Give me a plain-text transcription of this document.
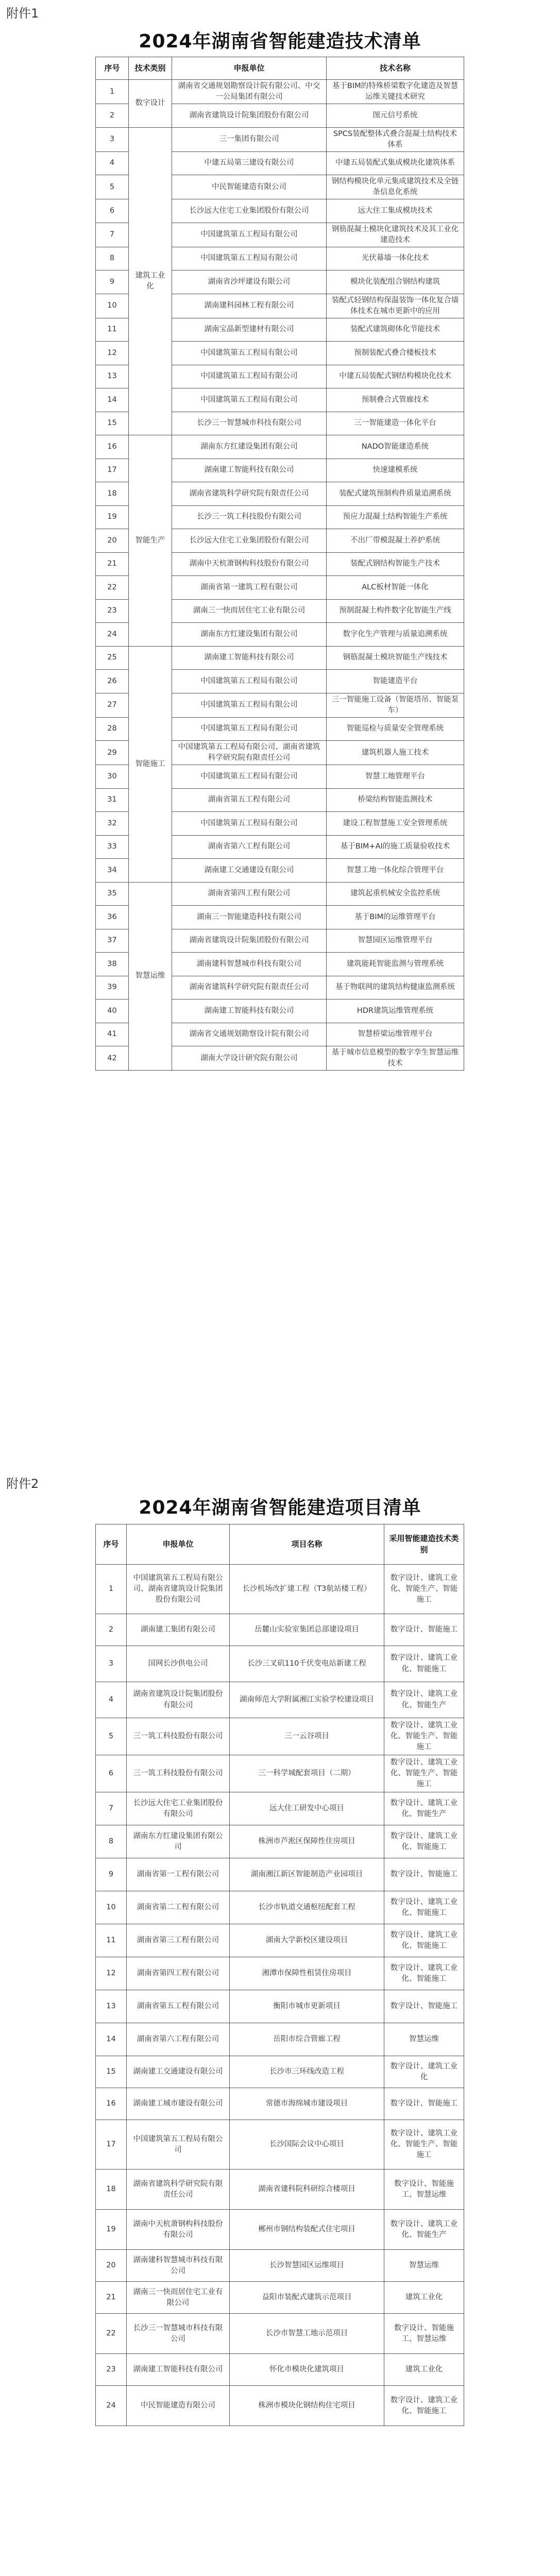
附件1
2024年湖南省智能建造技术清单
序号	技术类别	申报单位	技术名称
1	数字设计	湖南省交通规划勘察设计院有限公司、中交一公局集团有限公司	基于BIM的特殊桥梁数字化建造及智慧运维关键技术研究
2		湖南省建筑设计院集团股份有限公司	图元信号系统
3	建筑工业化	三一集团有限公司	SPCS装配整体式叠合混凝土结构技术体系
4		中建五局第三建设有限公司	中建五局装配式集成模块化建筑体系
5		中民智能建造有限公司	钢结构模块化单元集成建筑技术及全链条信息化系统
6		长沙远大住宅工业集团股份有限公司	远大住工集成模块技术
7		中国建筑第五工程局有限公司	钢筋混凝土模块化建筑技术及其工业化建造技术
8		中国建筑第五工程局有限公司	光伏幕墙一体化技术
9		湖南省沙坪建设有限公司	模块化装配组合钢结构建筑
10		湖南建科园林工程有限公司	装配式轻钢结构保温装饰一体化复合墙体技术在城市更新中的应用
11		湖南宝晶新型建材有限公司	装配式建筑砌体化节能技术
12		中国建筑第五工程局有限公司	预制装配式叠合楼板技术
13		中国建筑第五工程局有限公司	中建五局装配式钢结构模块化技术
14		中国建筑第五工程局有限公司	预制叠合式管廊技术
15		长沙三一智慧城市科技有限公司	三一智能建造一体化平台
16	智能生产	湖南东方红建设集团有限公司	NADO智能建造系统
17		湖南建工智能科技有限公司	快速建模系统
18		湖南省建筑科学研究院有限责任公司	装配式建筑预制构件质量追溯系统
19		长沙三一筑工科技股份有限公司	预应力混凝土结构智能生产系统
20		长沙远大住宅工业集团股份有限公司	不出厂带模混凝土养护系统
21		湖南中天杭萧钢构科技股份有限公司	装配式钢结构智能生产技术
22		湖南省第一建筑工程有限公司	ALC板材智能一体化
23		湖南三一快而居住宅工业有限公司	预制混凝土构件数字化智能生产线
24		湖南东方红建设集团有限公司	数字化生产管理与质量追溯系统
25	智能施工	湖南建工智能科技有限公司	钢筋混凝土模块智能生产线技术
26		中国建筑第五工程局有限公司	智能建造平台
27		中国建筑第五工程局有限公司	三一智能施工设备（智能塔吊、智能泵车）
28		中国建筑第五工程局有限公司	智能巡检与质量安全管理系统
29		中国建筑第五工程局有限公司、湖南省建筑科学研究院有限责任公司	建筑机器人施工技术
30		中国建筑第五工程局有限公司	智慧工地管理平台
31		湖南省第五工程有限公司	桥梁结构智能监测技术
32		中国建筑第五工程局有限公司	建设工程智慧施工安全管理系统
33		湖南省第六工程有限公司	基于BIM+AI的施工质量验收技术
34		湖南建工交通建设有限公司	智慧工地一体化综合管理平台
35	智慧运维	湖南省第四工程有限公司	建筑起重机械安全监控系统
36		湖南三一智能建造科技有限公司	基于BIM的运维管理平台
37		湖南省建筑设计院集团股份有限公司	智慧园区运维管理平台
38		湖南建科智慧城市科技有限公司	建筑能耗智能监测与管理系统
39		湖南省建筑科学研究院有限责任公司	基于物联网的建筑结构健康监测系统
40		湖南建工智能科技有限公司	HDR建筑运维管理系统
41		湖南省交通规划勘察设计院有限公司	智慧桥梁运维管理平台
42		湖南大学设计研究院有限公司	基于城市信息模型的数字孪生智慧运维技术
附件2
2024年湖南省智能建造项目清单
序号	申报单位	项目名称	采用智能建造技术类别
1	中国建筑第五工程局有限公司、湖南省建筑设计院集团股份有限公司	长沙机场改扩建工程（T3航站楼工程）	数字设计、建筑工业化、智能生产、智能施工
2	湖南建工集团有限公司	岳麓山实验室集团总部建设项目	数字设计、智能施工
3	国网长沙供电公司	长沙三叉矶110千伏变电站新建工程	数字设计、建筑工业化、智能施工
4	湖南省建筑设计院集团股份有限公司	湖南师范大学附属湘江实验学校建设项目	数字设计、建筑工业化、智能生产
5	三一筑工科技股份有限公司	三一云谷项目	数字设计、建筑工业化、智能生产、智能施工
6	三一筑工科技股份有限公司	三一科学城配套项目（二期）	数字设计、建筑工业化、智能生产、智能施工
7	长沙远大住宅工业集团股份有限公司	远大住工研发中心项目	数字设计、建筑工业化、智能生产
8	湖南东方红建设集团有限公司	株洲市芦淞区保障性住房项目	数字设计、建筑工业化、智能施工
9	湖南省第一工程有限公司	湖南湘江新区智能制造产业园项目	数字设计、智能施工
10	湖南省第二工程有限公司	长沙市轨道交通枢纽配套工程	数字设计、建筑工业化、智能施工
11	湖南省第三工程有限公司	湖南大学新校区建设项目	数字设计、建筑工业化、智能施工
12	湖南省第四工程有限公司	湘潭市保障性租赁住房项目	数字设计、建筑工业化、智能施工
13	湖南省第五工程有限公司	衡阳市城市更新项目	数字设计、智能施工
14	湖南省第六工程有限公司	岳阳市综合管廊工程	智慧运维
15	湖南建工交通建设有限公司	长沙市三环线改造工程	数字设计、建筑工业化
16	湖南建工城市建设有限公司	常德市海绵城市建设项目	数字设计、智能施工
17	中国建筑第五工程局有限公司	长沙国际会议中心项目	数字设计、建筑工业化、智能生产、智能施工
18	湖南省建筑科学研究院有限责任公司	湖南省建科院科研综合楼项目	数字设计、智能施工、智慧运维
19	湖南中天杭萧钢构科技股份有限公司	郴州市钢结构装配式住宅项目	数字设计、建筑工业化、智能生产
20	湖南建科智慧城市科技有限公司	长沙智慧园区运维项目	智慧运维
21	湖南三一快而居住宅工业有限公司	益阳市装配式建筑示范项目	建筑工业化
22	长沙三一智慧城市科技有限公司	长沙市智慧工地示范项目	数字设计、智能施工、智慧运维
23	湖南建工智能科技有限公司	怀化市模块化建筑项目	建筑工业化
24	中民智能建造有限公司	株洲市模块化钢结构住宅项目	数字设计、建筑工业化、智能施工
